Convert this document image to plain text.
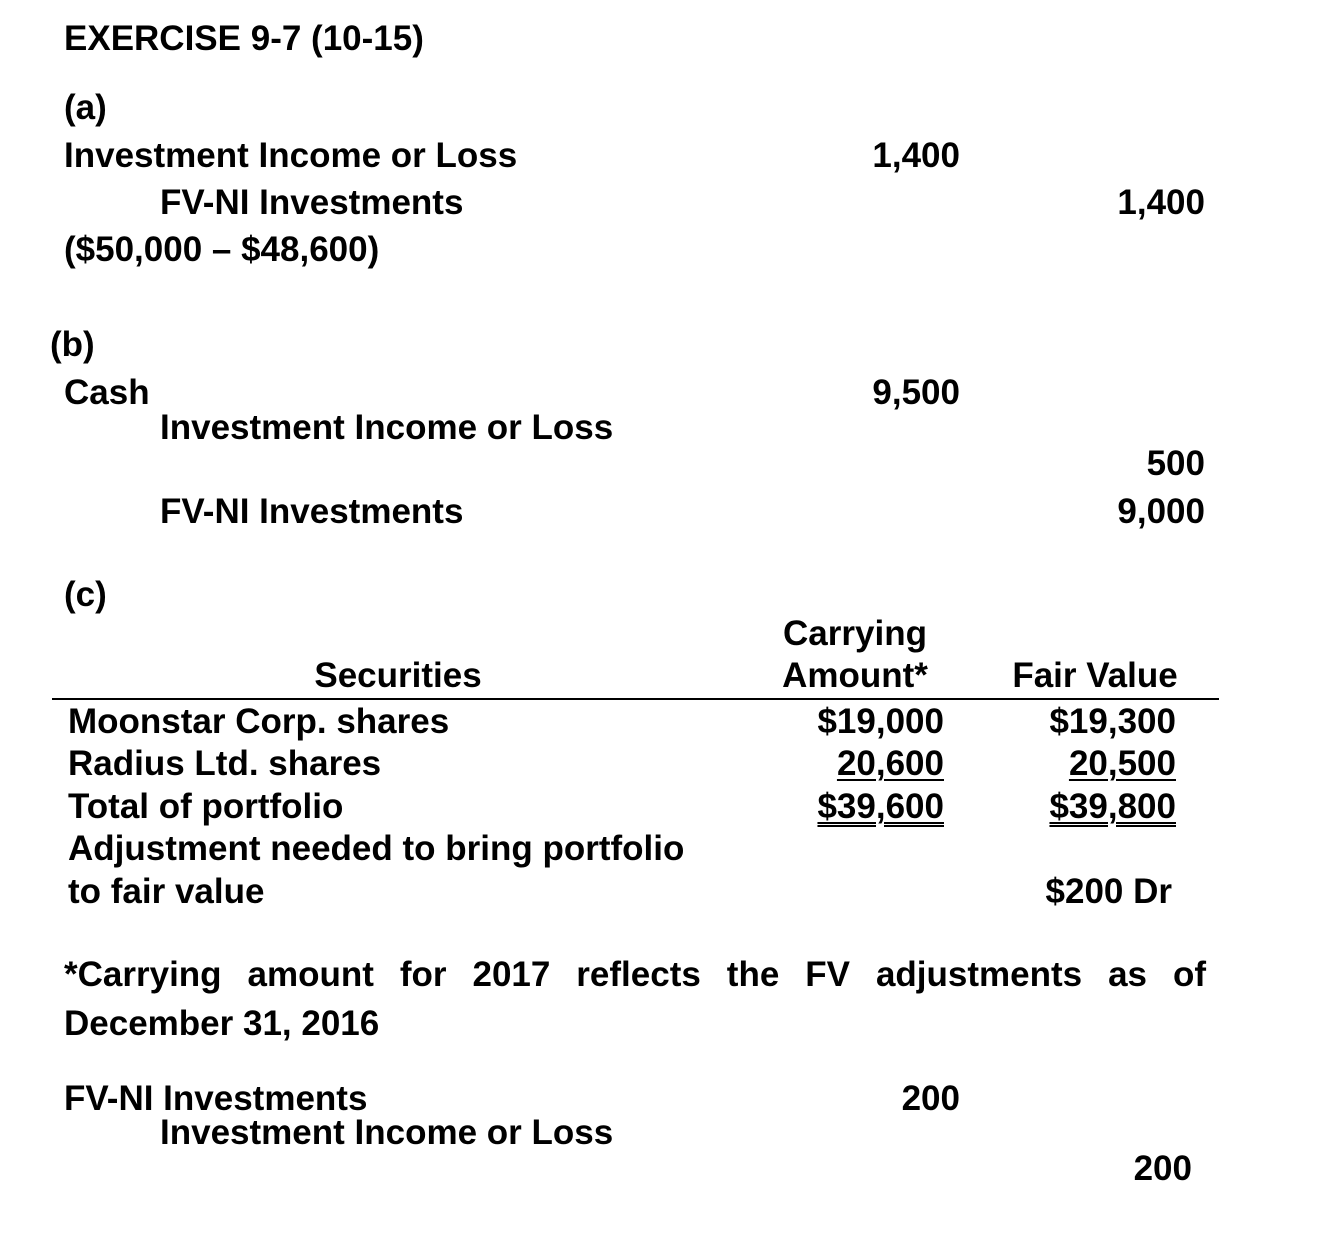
EXERCISE 9-7 (10-15)
(a)
Investment Income or Loss	1,400
FV-NI Investments	1,400
($50,000 – $48,600)
(b)
Cash	9,500
Investment Income or Loss
500
FV-NI Investments	9,000
(c)
Securities
Carrying
Amount*	Fair Value
Moonstar Corp. shares	$19,000	$19,300
Radius Ltd. shares	20,600	20,500
Total of portfolio	$39,600	$39,800
Adjustment needed to bring portfolio
to fair value	$200 Dr
*Carrying amount for 2017 reflects the FV adjustments as of December 31, 2016
FV-NI Investments	200
Investment Income or Loss
200
